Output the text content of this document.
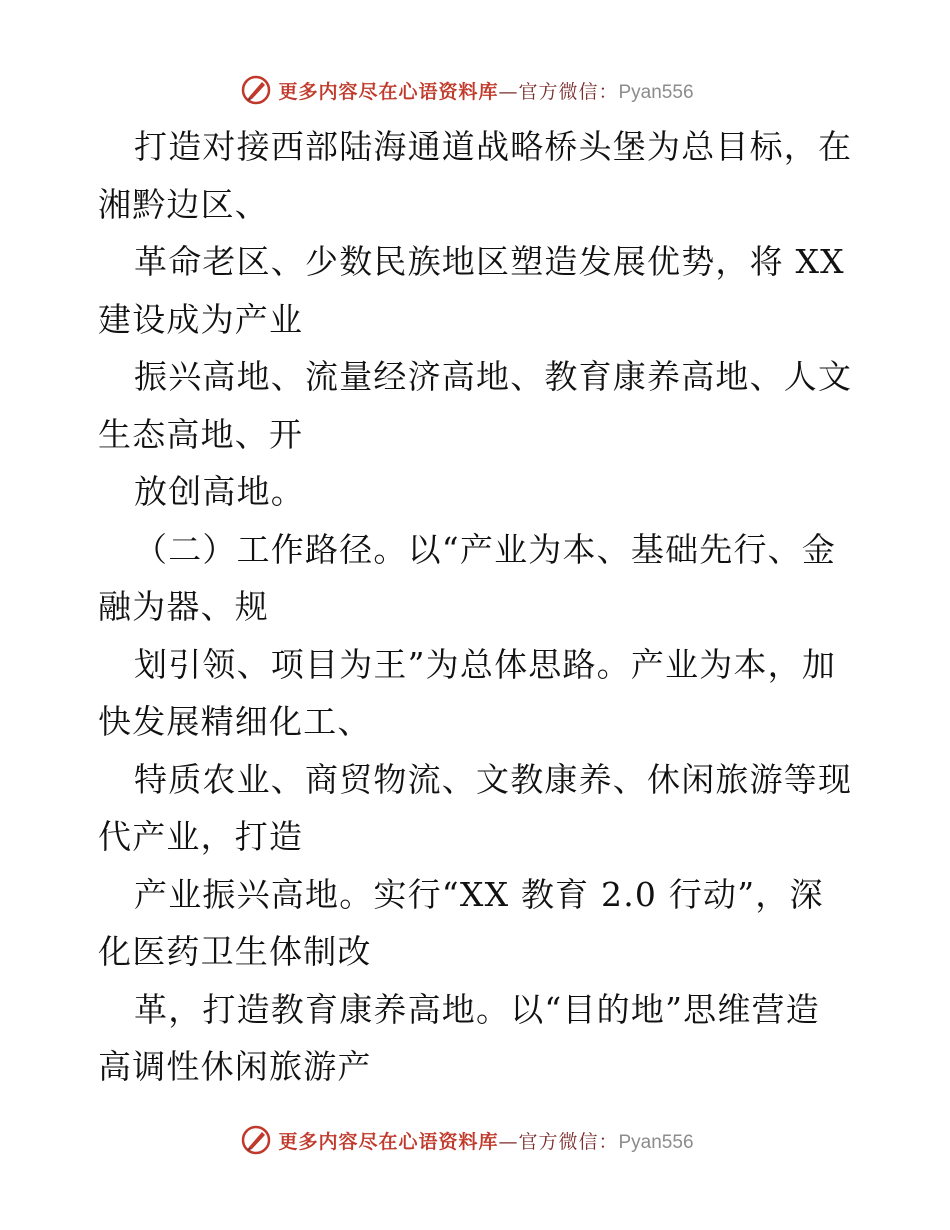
更多内容尽在心语资料库—官方微信：Pyan556
打造对接西部陆海通道战略桥头堡为总目标，在
湘黔边区、
革命老区、少数民族地区塑造发展优势，将 XX
建设成为产业
振兴高地、流量经济高地、教育康养高地、人文
生态高地、开
放创高地。
（二）工作路径。以“产业为本、基础先行、金
融为器、规
划引领、项目为王”为总体思路。产业为本，加
快发展精细化工、
特质农业、商贸物流、文教康养、休闲旅游等现
代产业，打造
产业振兴高地。实行“XX 教育 2.0 行动”，深
化医药卫生体制改
革，打造教育康养高地。以“目的地”思维营造
高调性休闲旅游产
更多内容尽在心语资料库—官方微信：Pyan556
